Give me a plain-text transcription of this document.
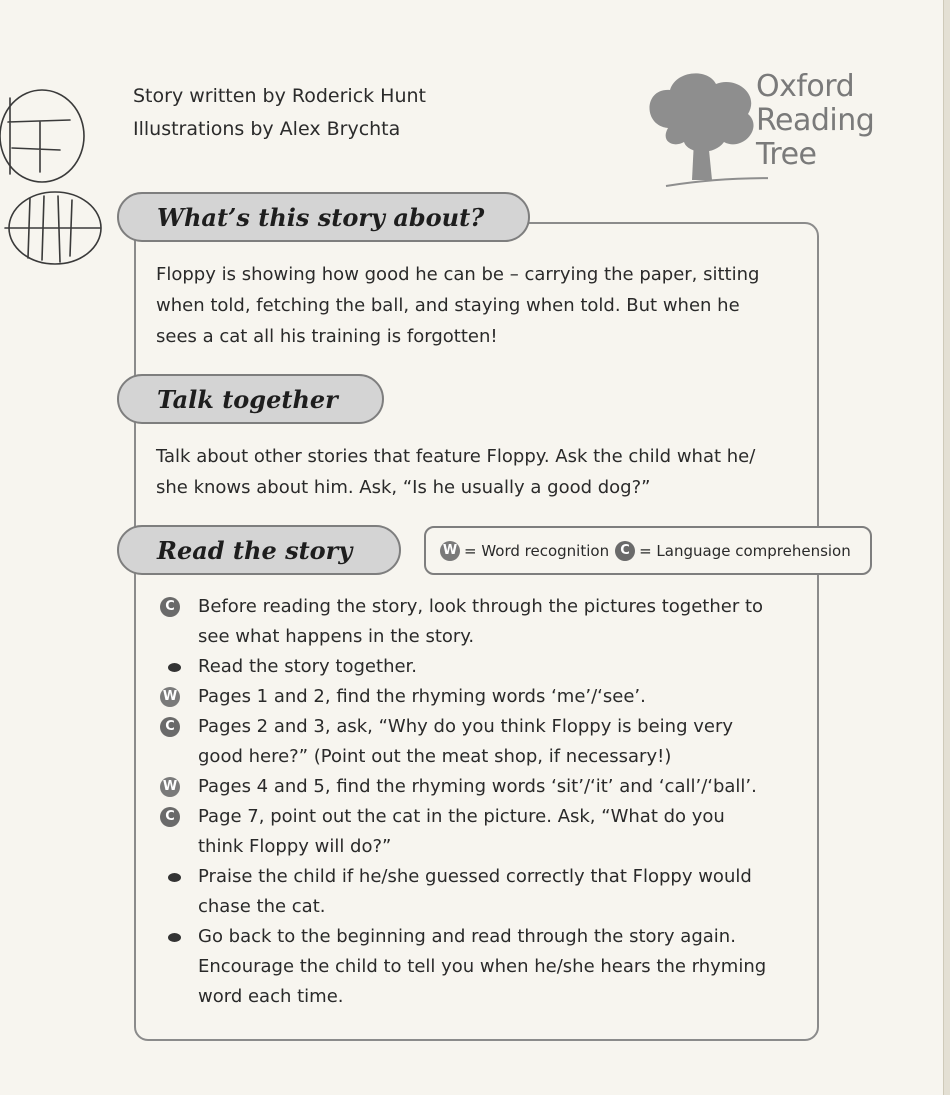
Story written by Roderick Hunt
Illustrations by Alex Brychta
Oxford
Reading
Tree
What’s this story about?
Floppy is showing how good he can be – carrying the paper, sitting
when told, fetching the ball, and staying when told. But when he
sees a cat all his training is forgotten!
Talk together
Talk about other stories that feature Floppy. Ask the child what he/
she knows about him. Ask, “Is he usually a good dog?”
Read the story	W = Word recognition C = Language comprehension
C Before reading the story, look through the pictures together to
see what happens in the story.
Read the story together.
W Pages 1 and 2, find the rhyming words ‘me’/‘see’.
C Pages 2 and 3, ask, “Why do you think Floppy is being very
good here?” (Point out the meat shop, if necessary!)
W Pages 4 and 5, find the rhyming words ‘sit’/‘it’ and ‘call’/‘ball’.
C Page 7, point out the cat in the picture. Ask, “What do you
think Floppy will do?”
Praise the child if he/she guessed correctly that Floppy would
chase the cat.
Go back to the beginning and read through the story again.
Encourage the child to tell you when he/she hears the rhyming
word each time.
